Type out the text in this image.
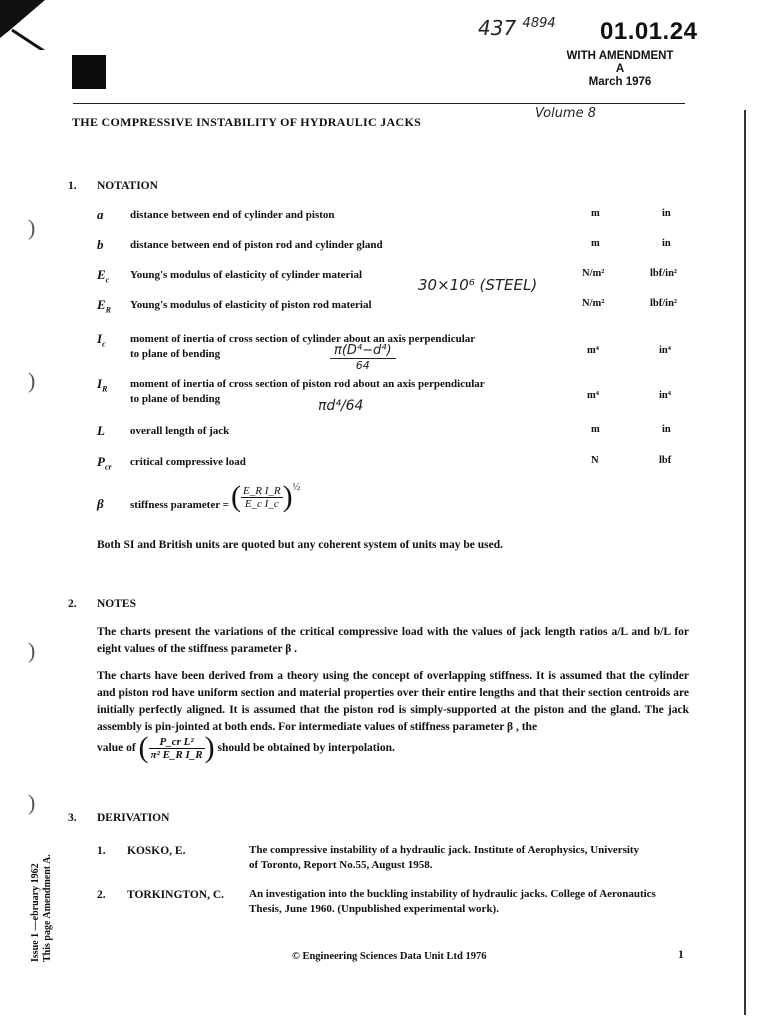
)
)
)
)
437 $^{4894}$ 01.01.24
WITH AMENDMENT
A
March 1976
Volume 8
THE COMPRESSIVE INSTABILITY OF HYDRAULIC JACKS
1. NOTATION
a distance between end of cylinder and piston	m	in
b distance between end of piston rod and cylinder gland	m	in
$E_c$ Young's modulus of elasticity of cylinder material	N/m²	lbf/in²
$E_R$ Young's modulus of elasticity of piston rod material	N/m²	lbf/in²
$I_c$ moment of inertia of cross section of cylinder about an axis perpendicular
to plane of bending	m⁴	in⁴
$I_R$ moment of inertia of cross section of piston rod about an axis perpendicular
to plane of bending	m⁴	in⁴
L overall length of jack	m	in
$P_{cr}$ critical compressive load	N	lbf
β stiffness parameter = ( $\frac{\text{E\_R I\_R}}{\text{E\_c I\_c}} )^{\frac{1}{2}}$
Both SI and British units are quoted but any coherent system of units may be used.
30×10⁶ (STEEL)
π(D⁴−d⁴)
64
πd⁴/64
2. NOTES
The charts present the variations of the critical compressive load with the values of jack length ratios a/L and b/L for eight values of the stiffness parameter β .
The charts have been derived from a theory using the concept of overlapping stiffness. It is assumed that the cylinder and piston rod have uniform section and material properties over their entire lengths and that their section centroids are initially perfectly aligned. It is assumed that the piston rod is simply-supported at the piston and the gland. The jack assembly is pin-jointed at both ends. For intermediate values of stiffness parameter β , the
value of ( $\frac{\text{P\_cr L²}}{\text{π² E\_R I\_R}}$ ) should be obtained by interpolation.
3. DERIVATION
1. KOSKO, E.	The compressive instability of a hydraulic jack. Institute of Aerophysics, University
of Toronto, Report No.55, August 1958.
2. TORKINGTON, C. An investigation into the buckling instability of hydraulic jacks. College of Aeronautics
Thesis, June 1960. (Unpublished experimental work).
Issue 1 —ebruary 1962 This page Amendment A.	© Engineering Sciences Data Unit Ltd 1976	1
